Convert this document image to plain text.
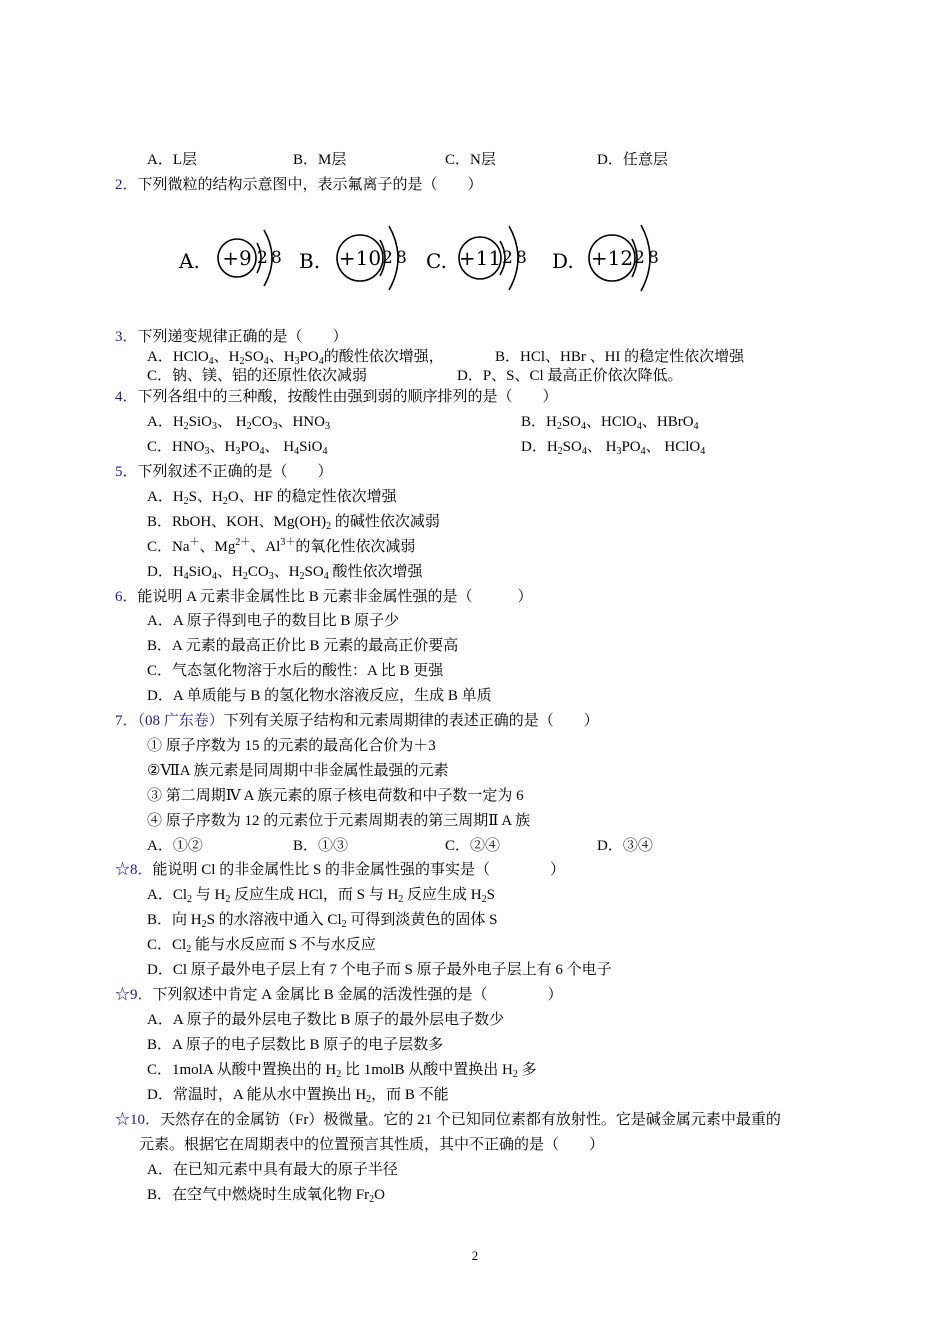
A．L层	B．M层	C．N层	D．任意层
2．下列微粒的结构示意图中，表示氟离子的是（　　）
A. +9 2 8 B. +10 2 8 C. +11 2 8 D. +12 2 8
3．下列递变规律正确的是（　　）
A．HClO$_4$、$H_2SO_4$、$H_3PO_4$的酸性依次增强，	B．HCl、HBr 、HI 的稳定性依次增强
C．钠、镁、铝的还原性依次减弱	D．P、S、Cl 最高正价依次降低。
4．下列各组中的三种酸，按酸性由强到弱的顺序排列的是（　　）
A．$H_2SiO_3$、 $H_2CO_3$、$HNO_3$	B．$H_2SO_4$、HClO$_4$、HBrO$_4$
C．$HNO_3$、$H_3PO_4$、 $H_4SiO_4$	D．$H_2SO_4$、 $H_3PO_4$、 HClO$_4$
5．下列叙述不正确的是（　　）
A．$H_2S$、$H_2O$、HF 的稳定性依次增强
B．RbOH、KOH、$Mg(OH)_2$ 的碱性依次减弱
C．Na＋、$Mg^{2+}$、$Al^{3+}$的氧化性依次减弱
D．$H_4SiO_4$、$H_2CO_3$、$H_2SO_4$ 酸性依次增强
6．能说明 A 元素非金属性比 B 元素非金属性强的是（　　　）
A．A 原子得到电子的数目比 B 原子少
B．A 元素的最高正价比 B 元素的最高正价要高
C．气态氢化物溶于水后的酸性：A 比 B 更强
D．A 单质能与 B 的氢化物水溶液反应，生成 B 单质
7．（08 广东卷）下列有关原子结构和元素周期律的表述正确的是（　　）
① 原子序数为 15 的元素的最高化合价为＋3
②ⅦA 族元素是同周期中非金属性最强的元素
③ 第二周期Ⅳ A 族元素的原子核电荷数和中子数一定为 6
④ 原子序数为 12 的元素位于元素周期表的第三周期Ⅱ A 族
A．①②	B．①③	C．②④	D．③④
☆8．能说明 Cl 的非金属性比 S 的非金属性强的事实是（　　　　）
A．$Cl_2$ 与 $H_2$ 反应生成 HCl，而 S 与 $H_2$ 反应生成 $H_2S$
B．向 $H_2S$ 的水溶液中通入 $Cl_2$ 可得到淡黄色的固体 S
C．$Cl_2$ 能与水反应而 S 不与水反应
D．Cl 原子最外电子层上有 7 个电子而 S 原子最外电子层上有 6 个电子
☆9．下列叙述中肯定 A 金属比 B 金属的活泼性强的是（　　　　）
A．A 原子的最外层电子数比 B 原子的最外层电子数少
B．A 原子的电子层数比 B 原子的电子层数多
C．1molA 从酸中置换出的 $H_2$ 比 1molB 从酸中置换出 $H_2$ 多
D．常温时，A 能从水中置换出 $H_2$，而 B 不能
☆10．天然存在的金属钫（Fr）极微量。它的 21 个已知同位素都有放射性。它是碱金属元素中最重的
元素。根据它在周期表中的位置预言其性质，其中不正确的是（　　）
A．在已知元素中具有最大的原子半径
B．在空气中燃烧时生成氧化物 $Fr_2O$
2
